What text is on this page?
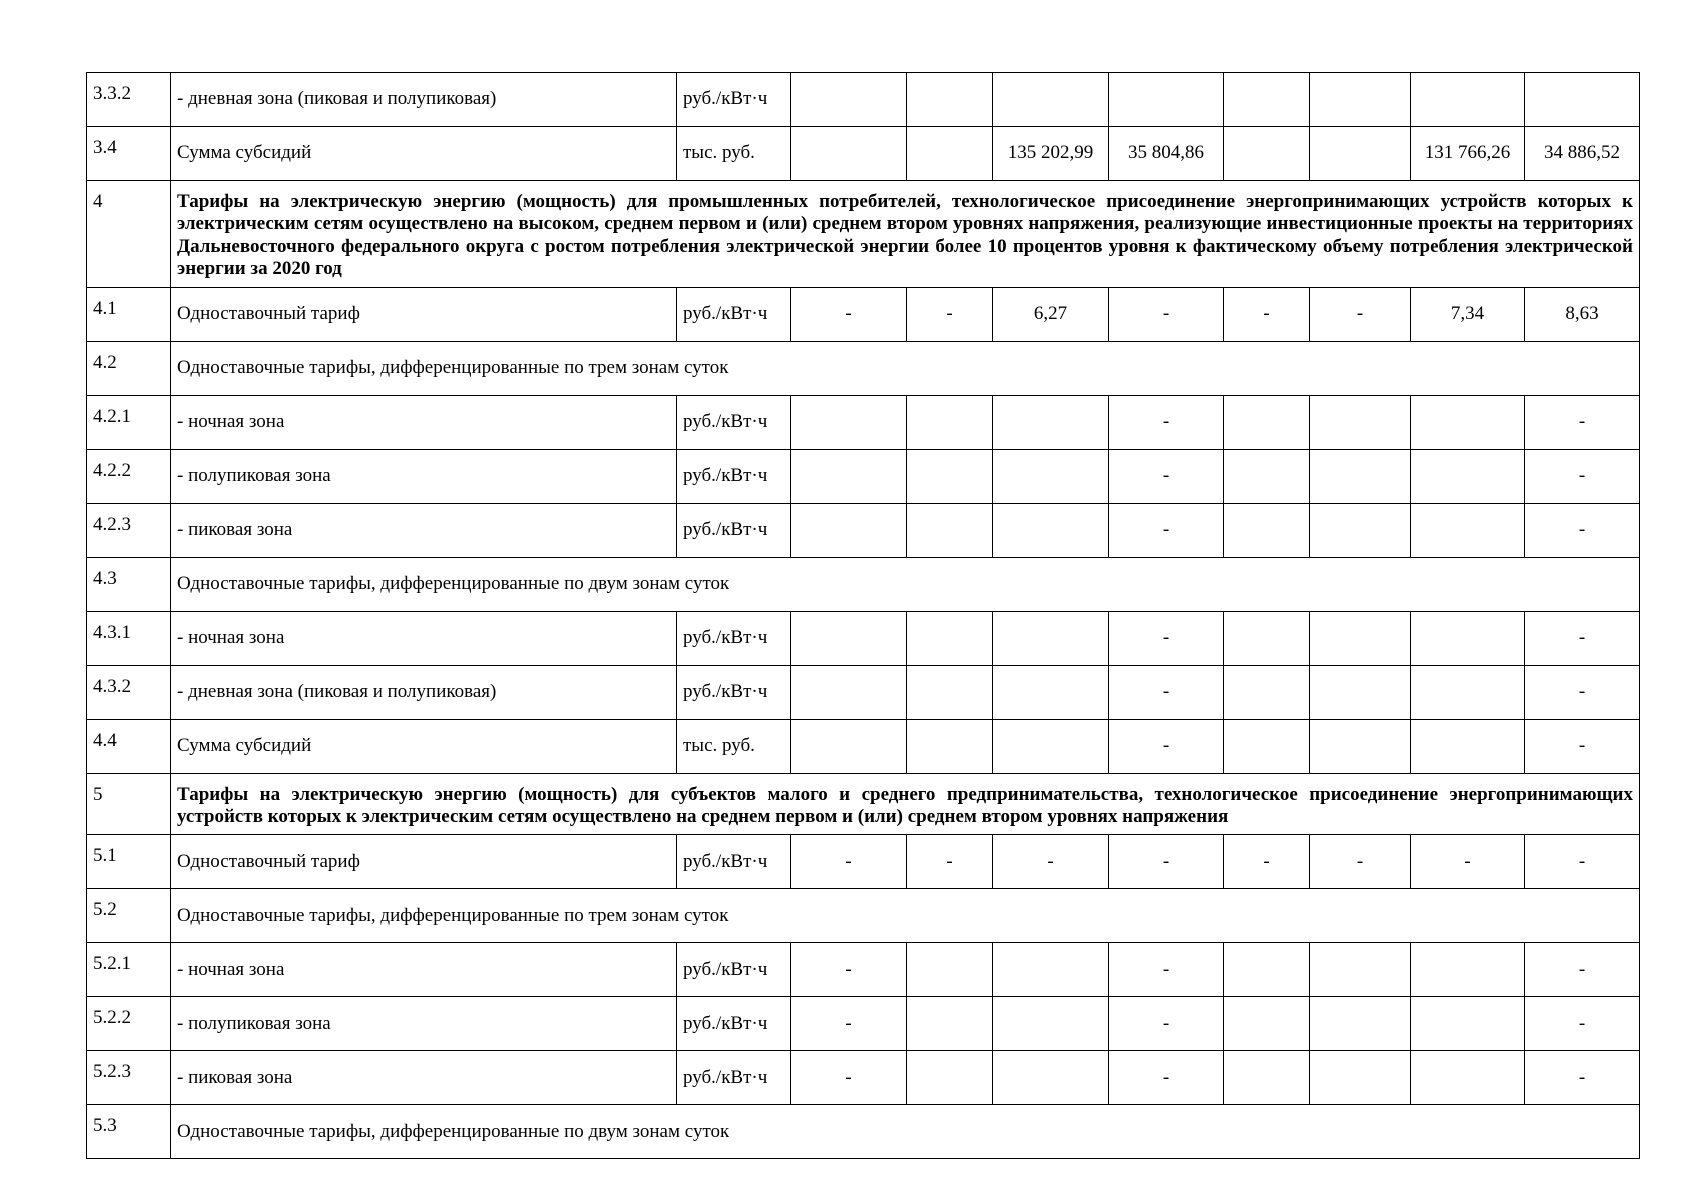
3.3.2	- дневная зона (пиковая и полупиковая)	руб./кВт·ч								
3.4	Сумма субсидий	тыс. руб.			135 202,99	35 804,86			131 766,26	34 886,52
4	Тарифы на электрическую энергию (мощность) для промышленных потребителей, технологическое присоединение энергопринимающих устройств которых к электрическим сетям осуществлено на высоком, среднем первом и (или) среднем втором уровнях напряжения, реализующие инвестиционные проекты на территориях Дальневосточного федерального округа с ростом потребления электрической энергии более 10 процентов уровня к фактическому объему потребления электрической энергии за 2020 год									
4.1	Одноставочный тариф	руб./кВт·ч	-	-	6,27	-	-	-	7,34	8,63
4.2	Одноставочные тарифы, дифференцированные по трем зонам суток									
4.2.1	- ночная зона	руб./кВт·ч				-				-
4.2.2	- полупиковая зона	руб./кВт·ч				-				-
4.2.3	- пиковая зона	руб./кВт·ч				-				-
4.3	Одноставочные тарифы, дифференцированные по двум зонам суток									
4.3.1	- ночная зона	руб./кВт·ч				-				-
4.3.2	- дневная зона (пиковая и полупиковая)	руб./кВт·ч				-				-
4.4	Сумма субсидий	тыс. руб.				-				-
5	Тарифы на электрическую энергию (мощность) для субъектов малого и среднего предпринимательства, технологическое присоединение энергопринимающих устройств которых к электрическим сетям осуществлено на среднем первом и (или) среднем втором уровнях напряжения									
5.1	Одноставочный тариф	руб./кВт·ч	-	-	-	-	-	-	-	-
5.2	Одноставочные тарифы, дифференцированные по трем зонам суток									
5.2.1	- ночная зона	руб./кВт·ч	-			-				-
5.2.2	- полупиковая зона	руб./кВт·ч	-			-				-
5.2.3	- пиковая зона	руб./кВт·ч	-			-				-
5.3	Одноставочные тарифы, дифференцированные по двум зонам суток									
